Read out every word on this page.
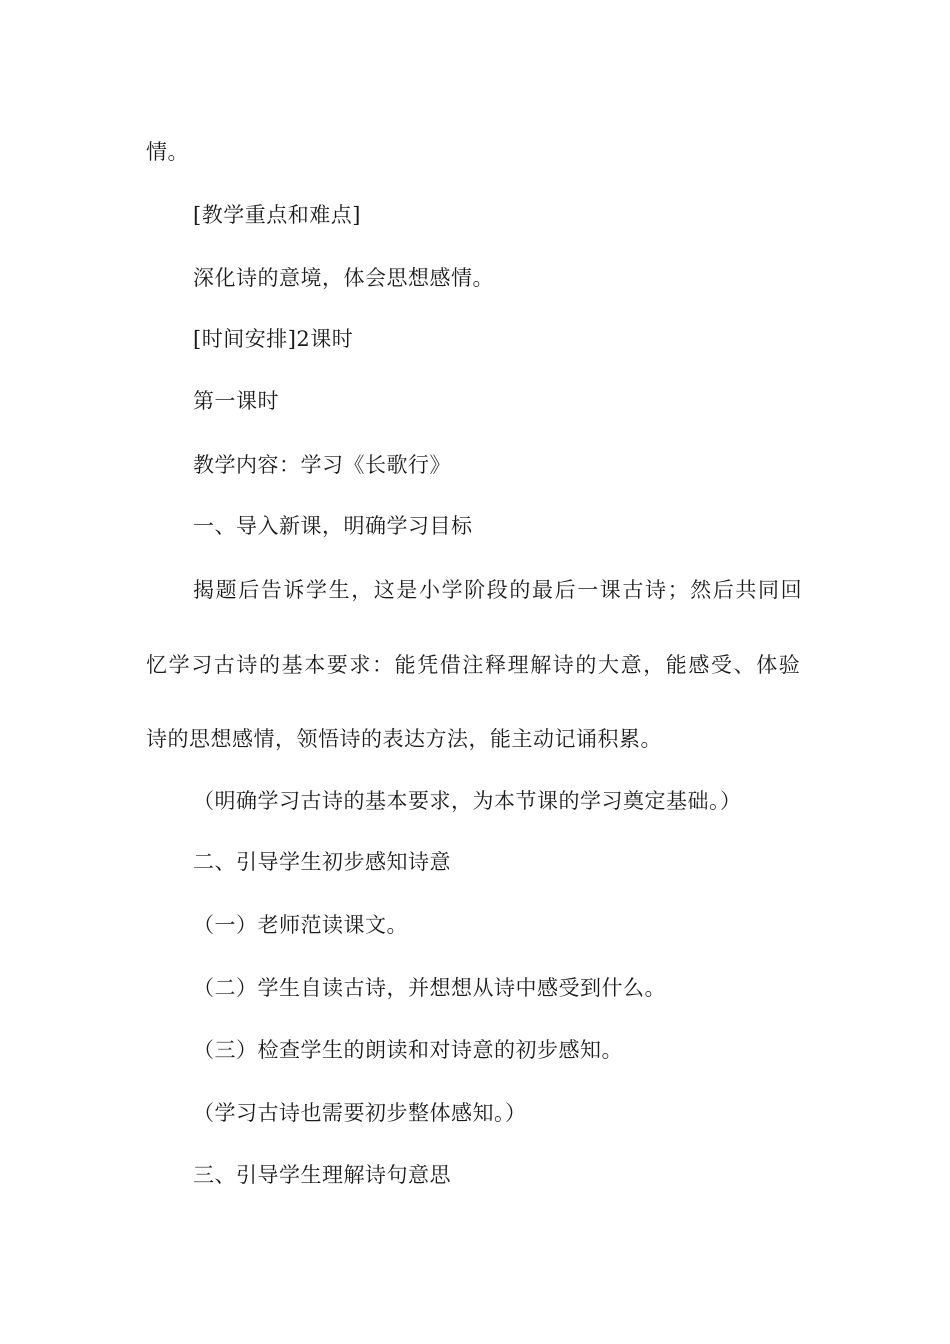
情。
[教学重点和难点]
深化诗的意境，体会思想感情。
[时间安排]2课时
第一课时
教学内容：学习《长歌行》
一、导入新课，明确学习目标
揭题后告诉学生，这是小学阶段的最后一课古诗；然后共同回
忆学习古诗的基本要求：能凭借注释理解诗的大意，能感受、体验
诗的思想感情，领悟诗的表达方法，能主动记诵积累。
（明确学习古诗的基本要求，为本节课的学习奠定基础。）
二、引导学生初步感知诗意
（一）老师范读课文。
（二）学生自读古诗，并想想从诗中感受到什么。
（三）检查学生的朗读和对诗意的初步感知。
（学习古诗也需要初步整体感知。）
三、引导学生理解诗句意思
